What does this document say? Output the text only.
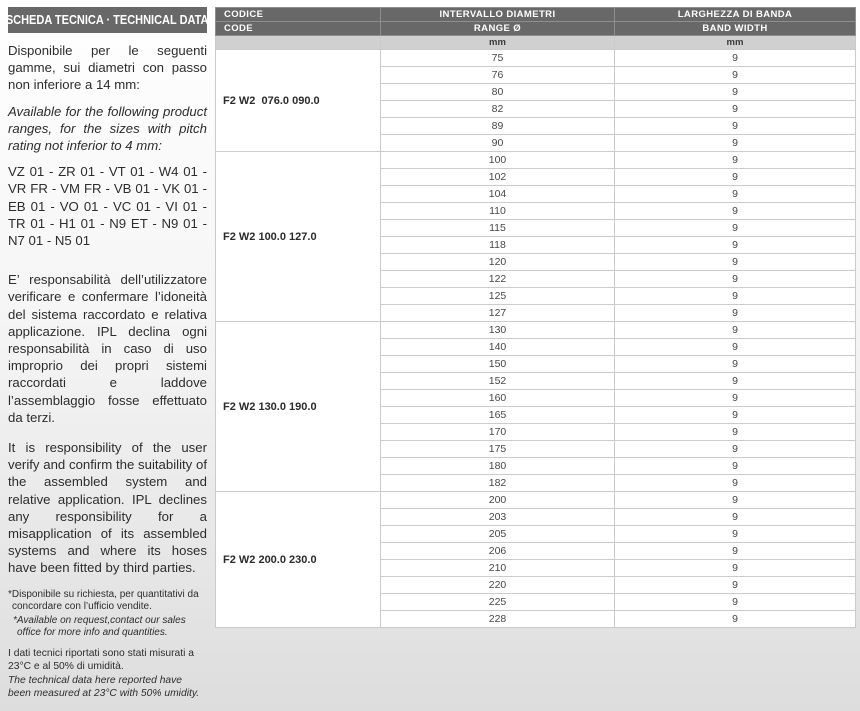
SCHEDA TECNICA · TECHNICAL DATA

Disponibile per le seguenti gamme, sui diametri con passo non inferiore a 14 mm:

Available for the following product ranges, for the sizes with pitch rating not inferior to 4 mm:

VZ 01 - ZR 01 - VT 01 - W4 01 - VR FR - VM FR - VB 01 - VK 01 - EB 01 - VO 01 - VC 01 - VI 01 - TR 01 - H1 01 - N9 ET - N9 01 - N7 01 - N5 01

E’ responsabilità dell’utilizzatore verificare e confermare l’idoneità del sistema raccordato e relativa applicazione. IPL declina ogni responsabilità in caso di uso improprio dei propri sistemi raccordati e laddove l’assemblaggio fosse effettuato da terzi.

It is responsibility of the user verify and confirm the suitability of the assembled system and relative application. IPL declines any responsibility for a misapplication of its assembled systems and where its hoses have been fitted by third parties.

*Disponibile su richiesta, per quantitativi da concordare con l’ufficio vendite.

*Available on request,contact our sales office for more info and quantities.

I dati tecnici riportati sono stati misurati a 23°C e al 50% di umidità.

The technical data here reported have been measured at 23°C with 50% umidity.

CODICE	INTERVALLO DIAMETRI	LARGHEZZA DI BANDA
CODE	RANGE Ø	BAND WIDTH
	mm	mm
F2 W2  076.0 090.0	75	9
	76	9
	80	9
	82	9
	89	9
	90	9
F2 W2 100.0 127.0	100	9
	102	9
	104	9
	110	9
	115	9
	118	9
	120	9
	122	9
	125	9
	127	9
F2 W2 130.0 190.0	130	9
	140	9
	150	9
	152	9
	160	9
	165	9
	170	9
	175	9
	180	9
	182	9
F2 W2 200.0 230.0	200	9
	203	9
	205	9
	206	9
	210	9
	220	9
	225	9
	228	9
